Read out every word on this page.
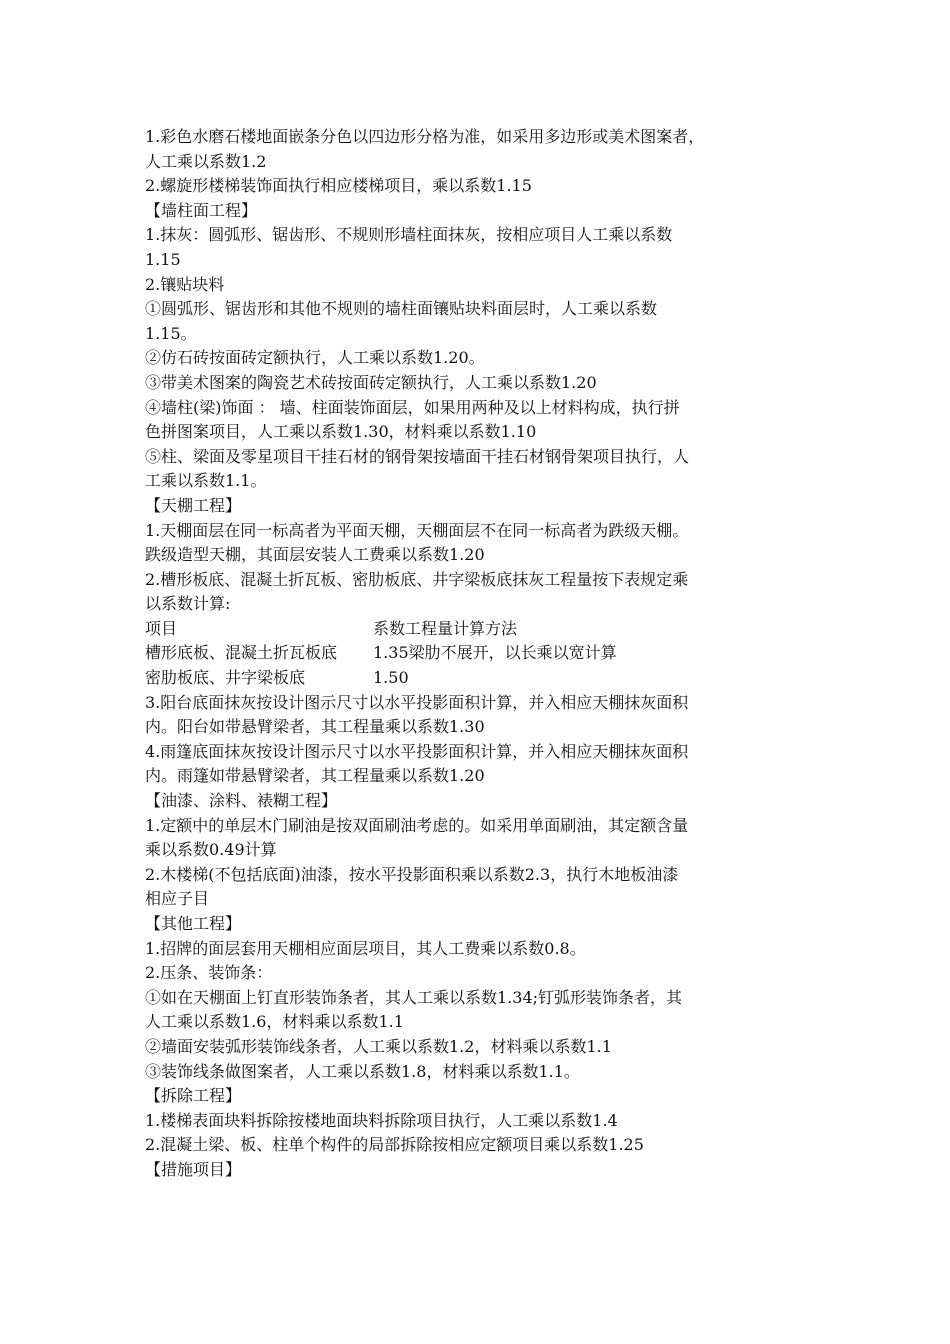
1.彩色水磨石楼地面嵌条分色以四边形分格为准，如采用多边形或美术图案者，
人工乘以系数1.2
2.螺旋形楼梯装饰面执行相应楼梯项目，乘以系数1.15
【墙柱面工程】
1.抹灰：圆弧形、锯齿形、不规则形墙柱面抹灰，按相应项目人工乘以系数
1.15
2.镶贴块料
①圆弧形、锯齿形和其他不规则的墙柱面镶贴块料面层时，人工乘以系数
1.15。
②仿石砖按面砖定额执行，人工乘以系数1.20。
③带美术图案的陶瓷艺术砖按面砖定额执行，人工乘以系数1.20
④墙柱(梁)饰面 ： 墙、柱面装饰面层，如果用两种及以上材料构成，执行拼
色拼图案项目，人工乘以系数1.30，材料乘以系数1.10
⑤柱、梁面及零星项目干挂石材的钢骨架按墙面干挂石材钢骨架项目执行，人
工乘以系数1.1。
【天棚工程】
1.天棚面层在同一标高者为平面天棚，天棚面层不在同一标高者为跌级天棚。
跌级造型天棚，其面层安装人工费乘以系数1.20
2.槽形板底、混凝土折瓦板、密肋板底、井字梁板底抹灰工程量按下表规定乘
以系数计算:
项目	系数工程量计算方法
槽形底板、混凝土折瓦板底 1.35梁肋不展开，以长乘以宽计算
密肋板底、井字梁板底	1.50
3.阳台底面抹灰按设计图示尺寸以水平投影面积计算，并入相应天棚抹灰面积
内。阳台如带悬臂梁者，其工程量乘以系数1.30
4.雨篷底面抹灰按设计图示尺寸以水平投影面积计算，并入相应天棚抹灰面积
内。雨篷如带悬臂梁者，其工程量乘以系数1.20
【油漆、涂料、裱糊工程】
1.定额中的单层木门刷油是按双面刷油考虑的。如采用单面刷油，其定额含量
乘以系数0.49计算
2.木楼梯(不包括底面)油漆，按水平投影面积乘以系数2.3，执行木地板油漆
相应子目
【其他工程】
1.招牌的面层套用天棚相应面层项目，其人工费乘以系数0.8。
2.压条、装饰条：
①如在天棚面上钉直形装饰条者，其人工乘以系数1.34;钉弧形装饰条者，其
人工乘以系数1.6，材料乘以系数1.1
②墙面安装弧形装饰线条者，人工乘以系数1.2，材料乘以系数1.1
③装饰线条做图案者，人工乘以系数1.8，材料乘以系数1.1。
【拆除工程】
1.楼梯表面块料拆除按楼地面块料拆除项目执行，人工乘以系数1.4
2.混凝土梁、板、柱单个构件的局部拆除按相应定额项目乘以系数1.25
【措施项目】
